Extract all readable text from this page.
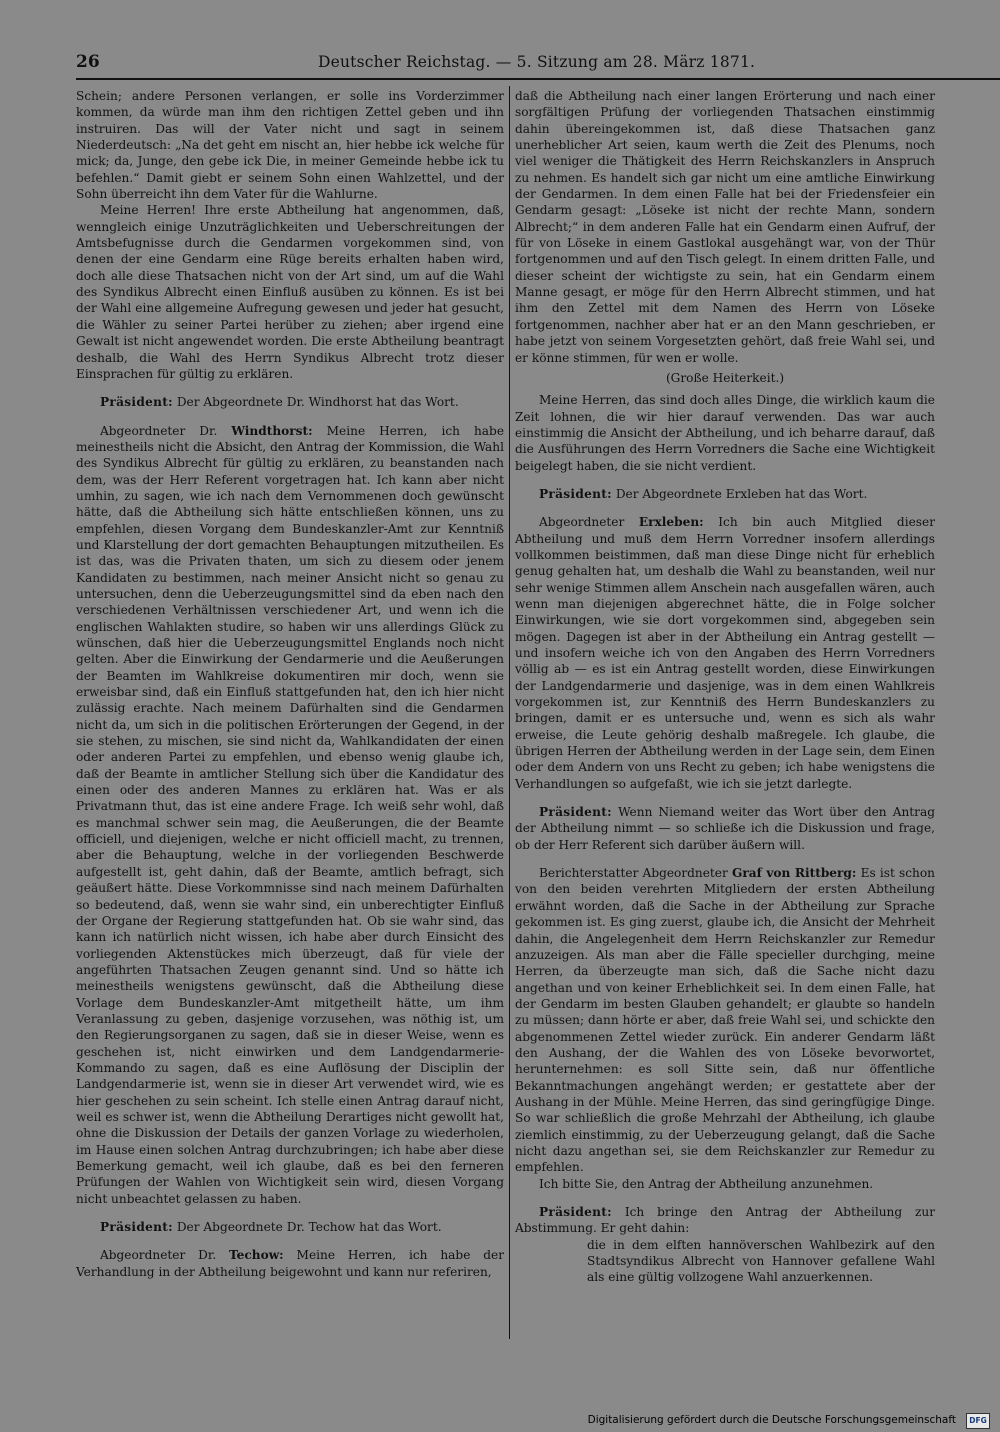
26	Deutscher Reichstag. — 5. Sitzung am 28. März 1871.

Schein; andere Personen verlangen, er solle ins Vorderzimmer kommen, da würde man ihm den richtigen Zettel geben und ihn instruiren. Das will der Vater nicht und sagt in seinem Niederdeutsch: „Na det geht em nischt an, hier hebbe ick welche für mick; da, Junge, den gebe ick Die, in meiner Gemeinde hebbe ick tu befehlen.“ Damit giebt er seinem Sohn einen Wahlzettel, und der Sohn überreicht ihn dem Vater für die Wahlurne.

Meine Herren! Ihre erste Abtheilung hat angenommen, daß, wenngleich einige Unzuträglichkeiten und Ueberschreitungen der Amtsbefugnisse durch die Gendarmen vorgekommen sind, von denen der eine Gendarm eine Rüge bereits erhalten haben wird, doch alle diese Thatsachen nicht von der Art sind, um auf die Wahl des Syndikus Albrecht einen Einfluß ausüben zu können. Es ist bei der Wahl eine allgemeine Aufregung gewesen und jeder hat gesucht, die Wähler zu seiner Partei herüber zu ziehen; aber irgend eine Gewalt ist nicht angewendet worden. Die erste Abtheilung beantragt deshalb, die Wahl des Herrn Syndikus Albrecht trotz dieser Einsprachen für gültig zu erklären.

Präsident: Der Abgeordnete Dr. Windhorst hat das Wort.

Abgeordneter Dr. Windthorst: Meine Herren, ich habe meinestheils nicht die Absicht, den Antrag der Kommission, die Wahl des Syndikus Albrecht für gültig zu erklären, zu beanstanden nach dem, was der Herr Referent vorgetragen hat. Ich kann aber nicht umhin, zu sagen, wie ich nach dem Vernommenen doch gewünscht hätte, daß die Abtheilung sich hätte entschließen können, uns zu empfehlen, diesen Vorgang dem Bundeskanzler-Amt zur Kenntniß und Klarstellung der dort gemachten Behauptungen mitzutheilen. Es ist das, was die Privaten thaten, um sich zu diesem oder jenem Kandidaten zu bestimmen, nach meiner Ansicht nicht so genau zu untersuchen, denn die Ueberzeugungsmittel sind da eben nach den verschiedenen Verhältnissen verschiedener Art, und wenn ich die englischen Wahlakten studire, so haben wir uns allerdings Glück zu wünschen, daß hier die Ueberzeugungsmittel Englands noch nicht gelten. Aber die Einwirkung der Gendarmerie und die Aeußerungen der Beamten im Wahlkreise dokumentiren mir doch, wenn sie erweisbar sind, daß ein Einfluß stattgefunden hat, den ich hier nicht zulässig erachte. Nach meinem Dafürhalten sind die Gendarmen nicht da, um sich in die politischen Erörterungen der Gegend, in der sie stehen, zu mischen, sie sind nicht da, Wahlkandidaten der einen oder anderen Partei zu empfehlen, und ebenso wenig glaube ich, daß der Beamte in amtlicher Stellung sich über die Kandidatur des einen oder des anderen Mannes zu erklären hat. Was er als Privatmann thut, das ist eine andere Frage. Ich weiß sehr wohl, daß es manchmal schwer sein mag, die Aeußerungen, die der Beamte officiell, und diejenigen, welche er nicht officiell macht, zu trennen, aber die Behauptung, welche in der vorliegenden Beschwerde aufgestellt ist, geht dahin, daß der Beamte, amtlich befragt, sich geäußert hätte. Diese Vorkommnisse sind nach meinem Dafürhalten so bedeutend, daß, wenn sie wahr sind, ein unberechtigter Einfluß der Organe der Regierung stattgefunden hat. Ob sie wahr sind, das kann ich natürlich nicht wissen, ich habe aber durch Einsicht des vorliegenden Aktenstückes mich überzeugt, daß für viele der angeführten Thatsachen Zeugen genannt sind. Und so hätte ich meinestheils wenigstens gewünscht, daß die Abtheilung diese Vorlage dem Bundeskanzler-Amt mitgetheilt hätte, um ihm Veranlassung zu geben, dasjenige vorzusehen, was nöthig ist, um den Regierungsorganen zu sagen, daß sie in dieser Weise, wenn es geschehen ist, nicht einwirken und dem Landgendarmerie-Kommando zu sagen, daß es eine Auflösung der Disciplin der Landgendarmerie ist, wenn sie in dieser Art verwendet wird, wie es hier geschehen zu sein scheint. Ich stelle einen Antrag darauf nicht, weil es schwer ist, wenn die Abtheilung Derartiges nicht gewollt hat, ohne die Diskussion der Details der ganzen Vorlage zu wiederholen, im Hause einen solchen Antrag durchzubringen; ich habe aber diese Bemerkung gemacht, weil ich glaube, daß es bei den ferneren Prüfungen der Wahlen von Wichtigkeit sein wird, diesen Vorgang nicht unbeachtet gelassen zu haben.

Präsident: Der Abgeordnete Dr. Techow hat das Wort.

Abgeordneter Dr. Techow: Meine Herren, ich habe der Verhandlung in der Abtheilung beigewohnt und kann nur referiren,

daß die Abtheilung nach einer langen Erörterung und nach einer sorgfältigen Prüfung der vorliegenden Thatsachen einstimmig dahin übereingekommen ist, daß diese Thatsachen ganz unerheblicher Art seien, kaum werth die Zeit des Plenums, noch viel weniger die Thätigkeit des Herrn Reichskanzlers in Anspruch zu nehmen. Es handelt sich gar nicht um eine amtliche Einwirkung der Gendarmen. In dem einen Falle hat bei der Friedensfeier ein Gendarm gesagt: „Löseke ist nicht der rechte Mann, sondern Albrecht;“ in dem anderen Falle hat ein Gendarm einen Aufruf, der für von Löseke in einem Gastlokal ausgehängt war, von der Thür fortgenommen und auf den Tisch gelegt. In einem dritten Falle, und dieser scheint der wichtigste zu sein, hat ein Gendarm einem Manne gesagt, er möge für den Herrn Albrecht stimmen, und hat ihm den Zettel mit dem Namen des Herrn von Löseke fortgenommen, nachher aber hat er an den Mann geschrieben, er habe jetzt von seinem Vorgesetzten gehört, daß freie Wahl sei, und er könne stimmen, für wen er wolle.

(Große Heiterkeit.)

Meine Herren, das sind doch alles Dinge, die wirklich kaum die Zeit lohnen, die wir hier darauf verwenden. Das war auch einstimmig die Ansicht der Abtheilung, und ich beharre darauf, daß die Ausführungen des Herrn Vorredners die Sache eine Wichtigkeit beigelegt haben, die sie nicht verdient.

Präsident: Der Abgeordnete Erxleben hat das Wort.

Abgeordneter Erxleben: Ich bin auch Mitglied dieser Abtheilung und muß dem Herrn Vorredner insofern allerdings vollkommen beistimmen, daß man diese Dinge nicht für erheblich genug gehalten hat, um deshalb die Wahl zu beanstanden, weil nur sehr wenige Stimmen allem Anschein nach ausgefallen wären, auch wenn man diejenigen abgerechnet hätte, die in Folge solcher Einwirkungen, wie sie dort vorgekommen sind, abgegeben sein mögen. Dagegen ist aber in der Abtheilung ein Antrag gestellt — und insofern weiche ich von den Angaben des Herrn Vorredners völlig ab — es ist ein Antrag gestellt worden, diese Einwirkungen der Landgendarmerie und dasjenige, was in dem einen Wahlkreis vorgekommen ist, zur Kenntniß des Herrn Bundeskanzlers zu bringen, damit er es untersuche und, wenn es sich als wahr erweise, die Leute gehörig deshalb maßregele. Ich glaube, die übrigen Herren der Abtheilung werden in der Lage sein, dem Einen oder dem Andern von uns Recht zu geben; ich habe wenigstens die Verhandlungen so aufgefaßt, wie ich sie jetzt darlegte.

Präsident: Wenn Niemand weiter das Wort über den Antrag der Abtheilung nimmt — so schließe ich die Diskussion und frage, ob der Herr Referent sich darüber äußern will.

Berichterstatter Abgeordneter Graf von Rittberg: Es ist schon von den beiden verehrten Mitgliedern der ersten Abtheilung erwähnt worden, daß die Sache in der Abtheilung zur Sprache gekommen ist. Es ging zuerst, glaube ich, die Ansicht der Mehrheit dahin, die Angelegenheit dem Herrn Reichskanzler zur Remedur anzuzeigen. Als man aber die Fälle specieller durchging, meine Herren, da überzeugte man sich, daß die Sache nicht dazu angethan und von keiner Erheblichkeit sei. In dem einen Falle, hat der Gendarm im besten Glauben gehandelt; er glaubte so handeln zu müssen; dann hörte er aber, daß freie Wahl sei, und schickte den abgenommenen Zettel wieder zurück. Ein anderer Gendarm läßt den Aushang, der die Wahlen des von Löseke bevorwortet, herunternehmen: es soll Sitte sein, daß nur öffentliche Bekanntmachungen angehängt werden; er gestattete aber der Aushang in der Mühle. Meine Herren, das sind geringfügige Dinge. So war schließlich die große Mehrzahl der Abtheilung, ich glaube ziemlich einstimmig, zu der Ueberzeugung gelangt, daß die Sache nicht dazu angethan sei, sie dem Reichskanzler zur Remedur zu empfehlen.

Ich bitte Sie, den Antrag der Abtheilung anzunehmen.

Präsident: Ich bringe den Antrag der Abtheilung zur Abstimmung. Er geht dahin:

die in dem elften hannöverschen Wahlbezirk auf den Stadtsyndikus Albrecht von Hannover gefallene Wahl als eine gültig vollzogene Wahl anzuerkennen.

Digitalisierung gefördert durch die Deutsche Forschungsgemeinschaft	DFG
